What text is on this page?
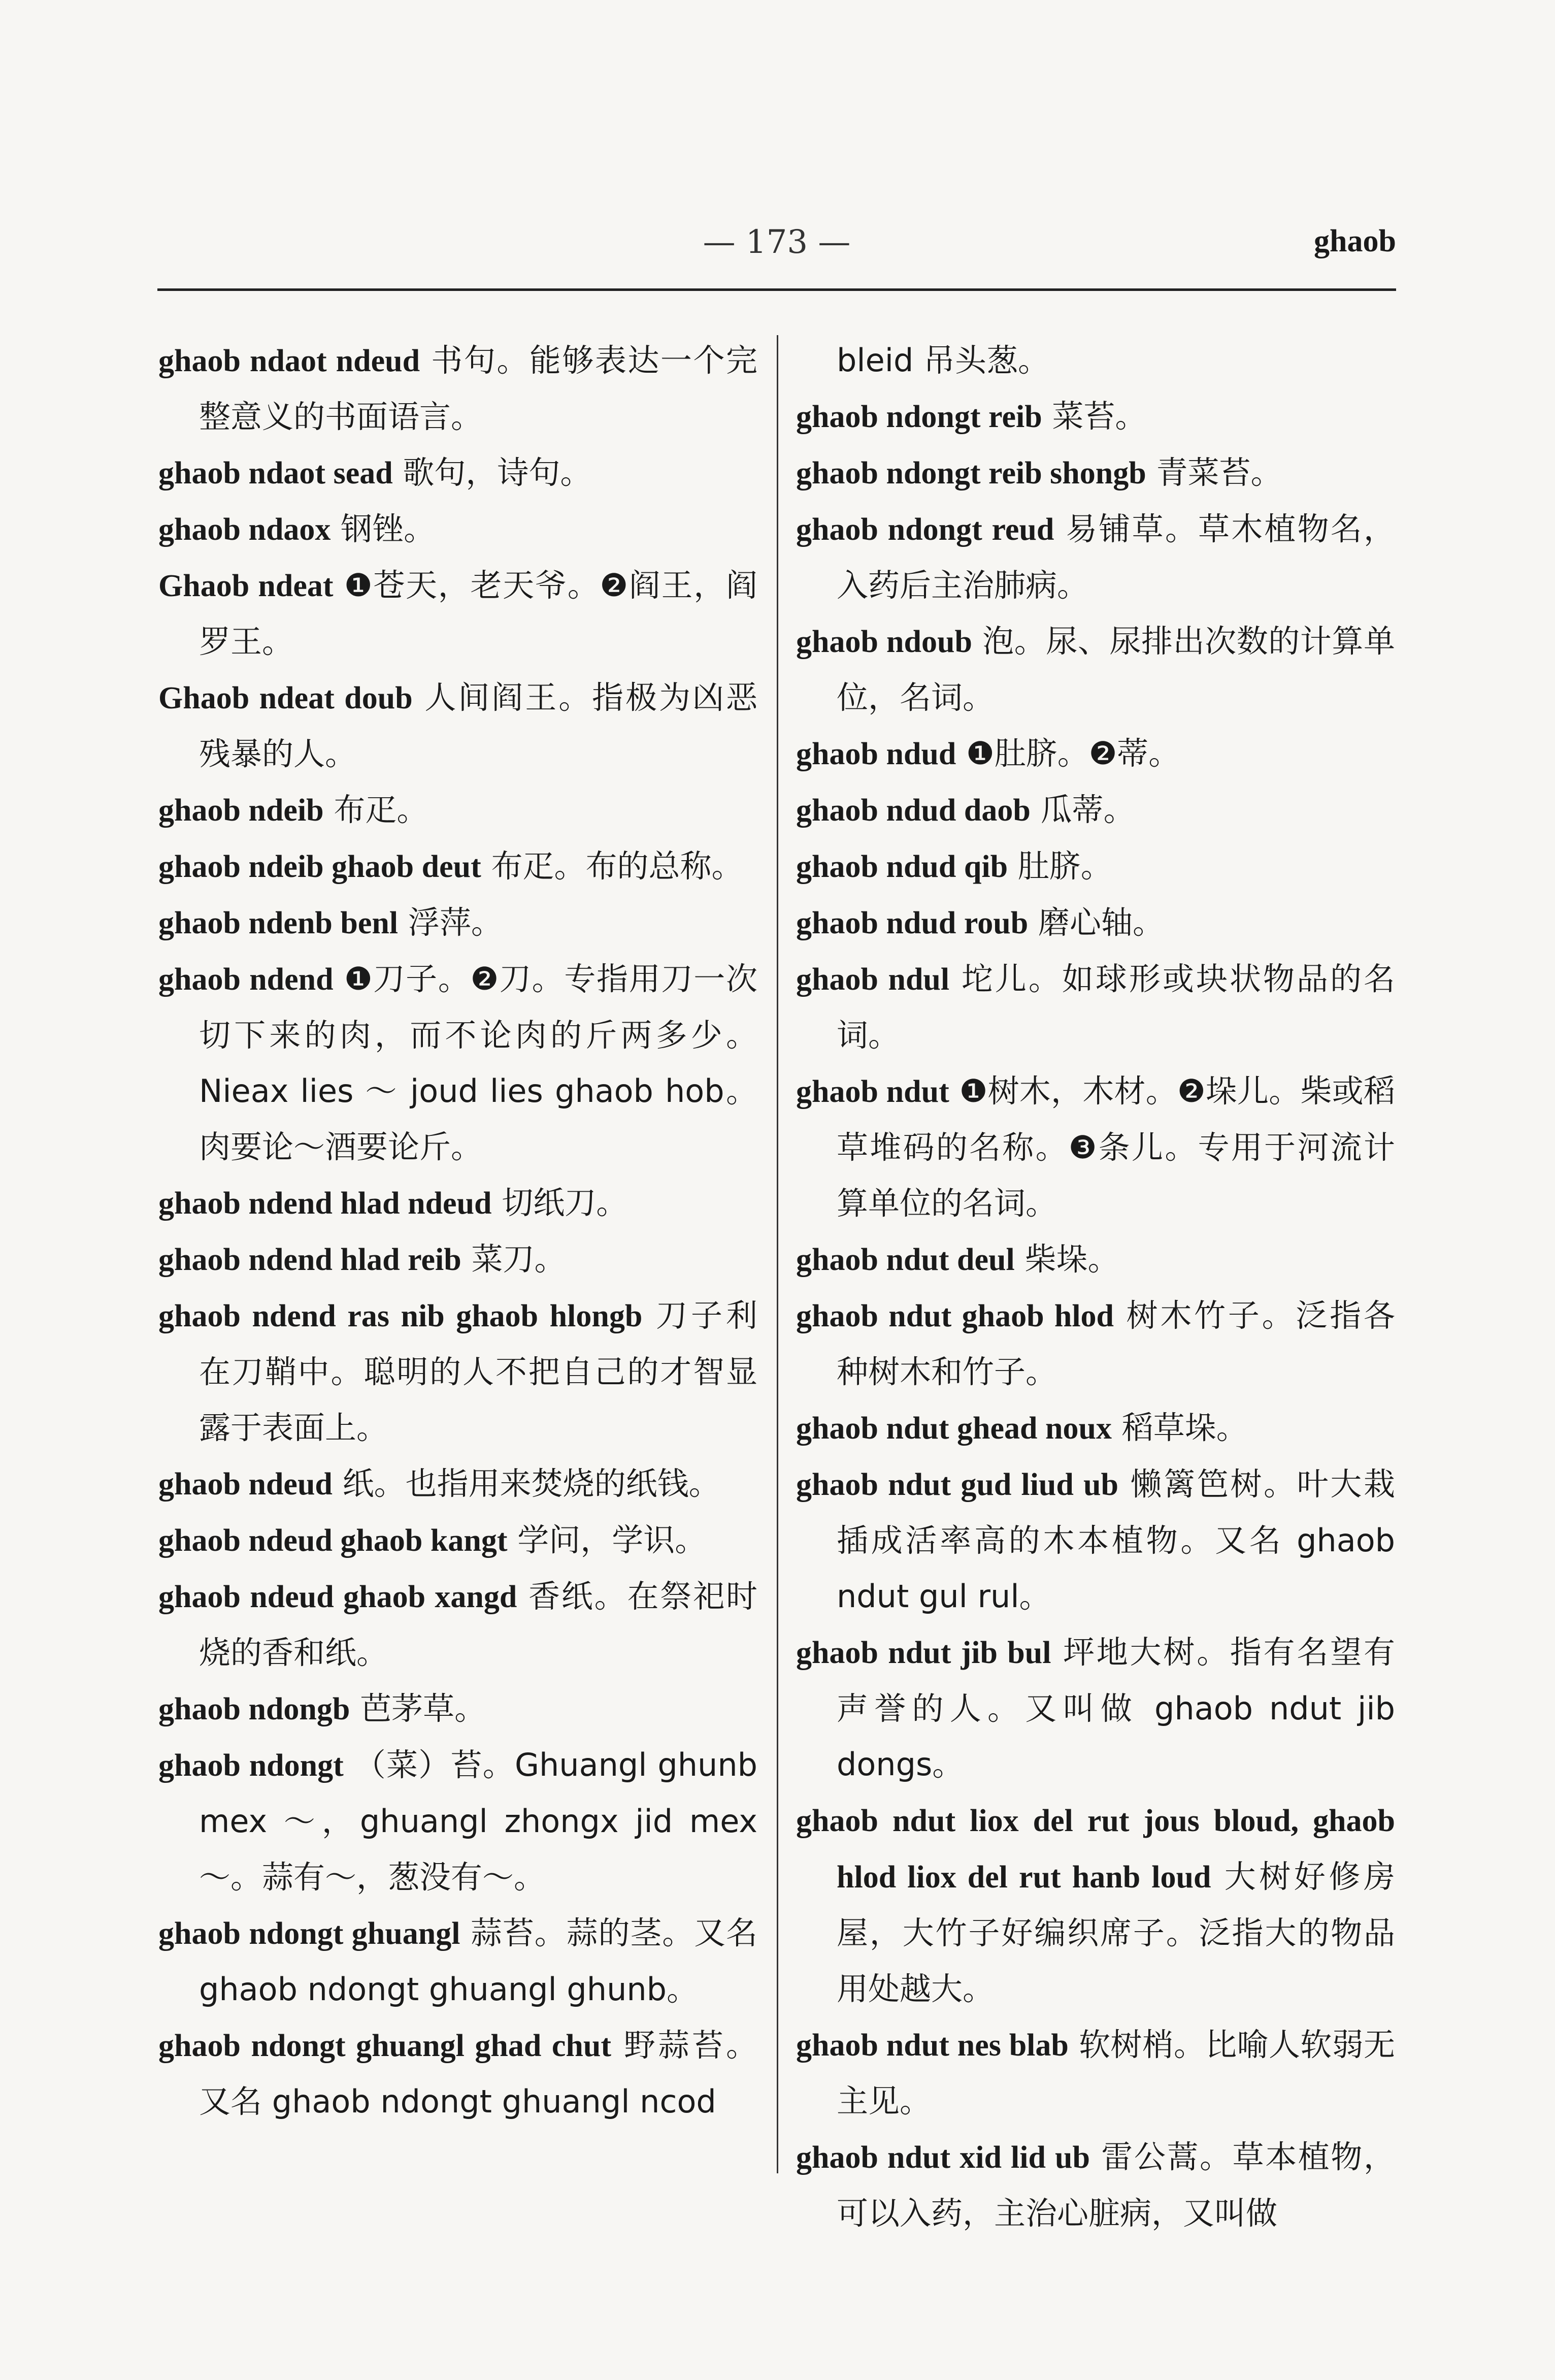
— 173 —	ghaob

ghaob ndaot ndeud 书句。能够表达一个完整意义的书面语言。

ghaob ndaot sead 歌句，诗句。

ghaob ndaox 钢锉。

Ghaob ndeat ❶苍天，老天爷。❷阎王，阎罗王。

Ghaob ndeat doub 人间阎王。指极为凶恶残暴的人。

ghaob ndeib 布疋。

ghaob ndeib ghaob deut 布疋。布的总称。

ghaob ndenb benl 浮萍。

ghaob ndend ❶刀子。❷刀。专指用刀一次切下来的肉，而不论肉的斤两多少。Nieax lies ～ joud lies ghaob hob。肉要论～酒要论斤。

ghaob ndend hlad ndeud 切纸刀。

ghaob ndend hlad reib 菜刀。

ghaob ndend ras nib ghaob hlongb 刀子利在刀鞘中。聪明的人不把自己的才智显露于表面上。

ghaob ndeud 纸。也指用来焚烧的纸钱。

ghaob ndeud ghaob kangt 学问，学识。

ghaob ndeud ghaob xangd 香纸。在祭祀时烧的香和纸。

ghaob ndongb 芭茅草。

ghaob ndongt （菜）苔。Ghuangl ghunb mex ～，ghuangl zhongx jid mex ～。蒜有～，葱没有～。

ghaob ndongt ghuangl 蒜苔。蒜的茎。又名 ghaob ndongt ghuangl ghunb。

ghaob ndongt ghuangl ghad chut 野蒜苔。又名 ghaob ndongt ghuangl ncod

bleid 吊头葱。

ghaob ndongt reib 菜苔。

ghaob ndongt reib shongb 青菜苔。

ghaob ndongt reud 易铺草。草木植物名，入药后主治肺病。

ghaob ndoub 泡。尿、尿排出次数的计算单位，名词。

ghaob ndud ❶肚脐。❷蒂。

ghaob ndud daob 瓜蒂。

ghaob ndud qib 肚脐。

ghaob ndud roub 磨心轴。

ghaob ndul 坨儿。如球形或块状物品的名词。

ghaob ndut ❶树木，木材。❷垛儿。柴或稻草堆码的名称。❸条儿。专用于河流计算单位的名词。

ghaob ndut deul 柴垛。

ghaob ndut ghaob hlod 树木竹子。泛指各种树木和竹子。

ghaob ndut ghead noux 稻草垛。

ghaob ndut gud liud ub 懒篱笆树。叶大栽插成活率高的木本植物。又名 ghaob ndut gul rul。

ghaob ndut jib bul 坪地大树。指有名望有声誉的人。又叫做 ghaob ndut jib dongs。

ghaob ndut liox del rut jous bloud, ghaob hlod liox del rut hanb loud 大树好修房屋，大竹子好编织席子。泛指大的物品用处越大。

ghaob ndut nes blab 软树梢。比喻人软弱无主见。

ghaob ndut xid lid ub 雷公蒿。草本植物，可以入药，主治心脏病，又叫做
